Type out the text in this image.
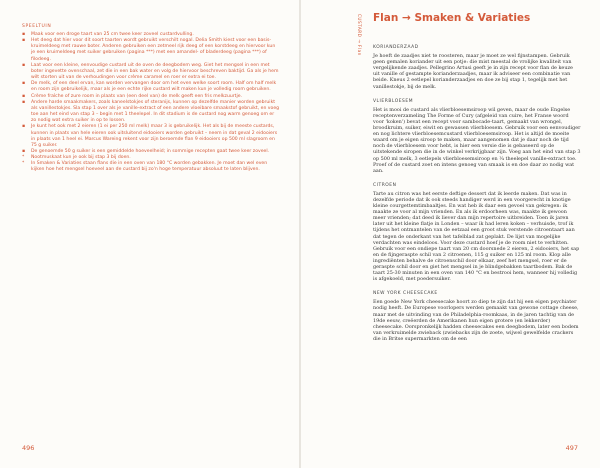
SPEELTUIN
▪	Maak voor een droge taart van 25 cm twee keer zoveel custardvulling.
▪	Het deeg dat hier voor dit soort taarten wordt gebruikt verschilt nogal. Delia Smith kiest voor een basis-kruimeldeeg met rauwe boter. Anderen gebruiken een zetmeel rijk deeg of een korstdeeg en hiervoor kun je een kruimeldeeg met suiker gebruiken (pagina ***) met een amandel- of bladerdeeg (pagina ***) of filodeeg.
▪	Laat voor een kleine, eenvoudige custard uit de oven de deegbodem weg. Giet het mengsel in een met boter ingevette ovenschaal, zet die in een bak water en volg de hiervoor beschreven baktijd. Ga als je hem wilt storten uit van de verhoudingen voor crème caramel en roer er extra ei toe.
▪	De melk, of een deel ervan, kan worden vervangen door om het even welke soort room. Half om half melk en room zijn gebruikelijk, maar als je een echte rijke custard wilt maken kun je volledig room gebruiken.
▪	Crème fraîche of zure room in plaats van (een deel van) de melk geeft een fris melkzuurtje.
▪	Andere harde smaakmakers, zoals kaneelstokjes of steranijs, kunnen op dezelfde manier worden gebruikt als vanillestokjes. Sla stap 1 over als je vanille-extract of een andere vloeibare smaakstof gebruikt, en voeg toe aan het eind van stap 3 – begin met 1 theelepel. In dit stadium is de custard nog warm genoeg om er zo nodig wat extra suiker in op te lossen.
▪	Je kunt het ook met 2 eieren (1 ei per 250 ml melk) maar 3 is gebruikelijk. Het als bij de meeste custards, kunnen in plaats van hele eieren ook uitsluitend eidooiers worden gebruikt – neem in dat geval 2 eidooiers in plaats van 1 heel ei. Marcus Wareing rekent voor zijn beroemde flan 9 eidooiers op 500 ml slagroom en 75 g suiker.
▪	De genoemde 50 g suiker is een gemiddelde hoeveelheid; in sommige recepten gaat twee keer zoveel.
*	Nootmuskaat kun je ook bij stap 3 bij doen.
*	In Smaken & Variaties staan flans die in een oven van 180 °C worden gebakken. Je moet dan wel even kijken hoe het mengsel hoeveel aan de custard bij zo'n hoge temperatuur absoluut te laten blijven.
496
CUSTARD → Flan Flan → Smaken & Variaties
KORIANDERZAAD

Je hoeft de zaadjes niet te roosteren, maar je moet ze wel fijnstampen. Gebruik geen gemalen koriander uit een potje: die mist meestal de vrolijke kwaliteit van vergelijkende zaadjes. Pellegrino Artusi geeft je in zijn recept voor flan de keuze uit vanille of gestampte korianderzaadjes, maar ik adviseer een combinatie van beide. Kneus 2 eetlepel korianderzaadjes en doe ze bij stap 1, tegelijk met het vanillestokje, bij de melk.

VLIERBLOESEM

Het is mooi de custard als vlierbloesemsiroop wil geven, maar de oude Engelse receptenverzameling The Forme of Cury (afgeleid van cuire, het Franse woord voor 'koken') bevat een recept voor sambocade-taart, gemaakt van wrongel, broodkruim, suiker, eiwit en gewassen vlierbloesem. Gebruik voor een eenvoudiger en nog lichtere vlierbloesemcustard vlierbloesemsiroop. Het is altijd de moeite waard om je eigen siroop te maken, maar aangenomen dat je daar noch de tijd noch de vlierbloesem voor hebt, is hier een versie die is gebaseerd op de uitstekende siropen die in de winkel verkrijgbaar zijn. Voeg aan het eind van stap 3 op 500 ml melk, 3 eetlepels vlierbloesemsiroop en ¼ theelepel vanille-extract toe. Proef of de custard zoet en intens genoeg van smaak is en doe daar zo nodig wat aan.

CITROEN

Tarte au citron was het eerste deftige dessert dat ik leerde maken. Dat was in dezelfde periode dat ik ook steeds handiger werd in een voorgerecht in knotige kleine courgettemtimbaaltjes. En wat heb ik daar een gevoel van gekregen: ik maakte ze voor al mijn vrienden. En als ik erdoorheen was, maakte ik gewoon meer vrienden; dat deed ik liever dan mijn repertoire uitbreiden. Toen ik jaren later uit het kleine flatje in Londen – waar ik had leren koken – verhuisde, trof ik tijdens het ontmantelen van de eetzaal een groot stuk verstende citroentaart aan dat tegen de onderkant van het tafelblad zat geplakt. De lijst van mogelijke verdachten was eindeloos. Voor deze custard hoef je de room niet te verhitten. Gebruik voor een ondiepe taart van 20 cm doorsnede 2 eieren, 2 eidooiers, het sap en de fijngeraspte schil van 2 citroenen, 115 g suiker en 125 ml room. Klop alle ingrediënten behalve de citroenschil door elkaar, zeef het mengsel, roer er de geraspte schil door en giet het mengsel in je blindgebakken taartbodem. Bak de taart 25-30 minuten in een oven van 140 °C en bestrooi hem, wanneer hij volledig is afgekoeld, met poedersuiker.

NEW YORK CHEESECAKE

Een goede New York cheesecake hoort zo diep te zijn dat hij een eigen psychiater nodig heeft. De Europese voorlopers werden gemaakt van gewone cottage cheese, maar met de uitvinding van de Philadelphia-roomkaas, in de jaren tachtig van de 19de eeuw, creëerden de Amerikanen hun eigen grotere (en lekkerder) cheesecake. Oorspronkelijk hadden cheesecakes een deegbodem, later een bodem van verkruimelde zwieback (zwiebacks zijn de zoete, wijwel gewelfelde crackers die in Britse supermarkten om de een

497
